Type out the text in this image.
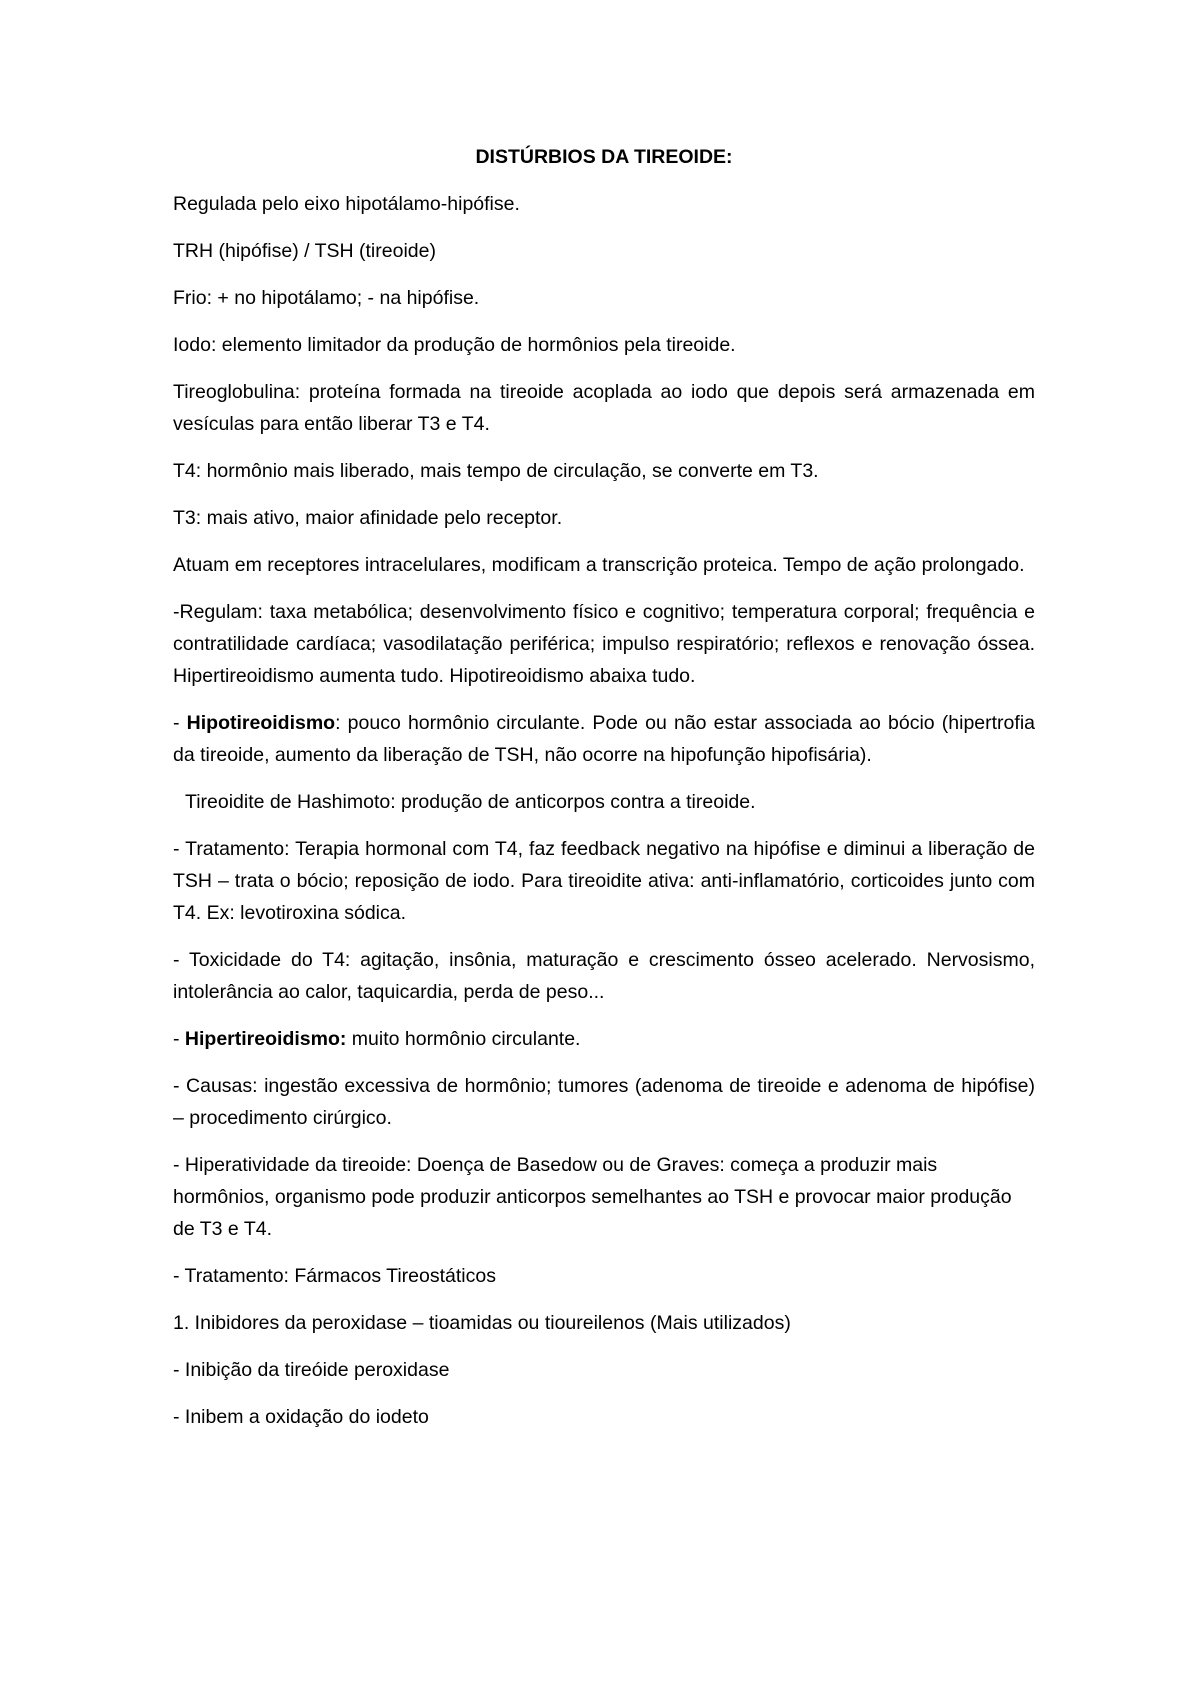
DISTÚRBIOS DA TIREOIDE:
Regulada pelo eixo hipotálamo-hipófise.
TRH (hipófise) / TSH (tireoide)
Frio: + no hipotálamo; - na hipófise.
Iodo: elemento limitador da produção de hormônios pela tireoide.
Tireoglobulina: proteína formada na tireoide acoplada ao iodo que depois será armazenada em vesículas para então liberar T3 e T4.
T4: hormônio mais liberado, mais tempo de circulação, se converte em T3.
T3: mais ativo, maior afinidade pelo receptor.
Atuam em receptores intracelulares, modificam a transcrição proteica. Tempo de ação prolongado.
-Regulam: taxa metabólica; desenvolvimento físico e cognitivo; temperatura corporal; frequência e contratilidade cardíaca; vasodilatação periférica; impulso respiratório; reflexos e renovação óssea. Hipertireoidismo aumenta tudo. Hipotireoidismo abaixa tudo.
- Hipotireoidismo: pouco hormônio circulante. Pode ou não estar associada ao bócio (hipertrofia da tireoide, aumento da liberação de TSH, não ocorre na hipofunção hipofisária).
Tireoidite de Hashimoto: produção de anticorpos contra a tireoide.
- Tratamento: Terapia hormonal com T4, faz feedback negativo na hipófise e diminui a liberação de TSH – trata o bócio; reposição de iodo. Para tireoidite ativa: anti-inflamatório, corticoides junto com T4. Ex: levotiroxina sódica.
- Toxicidade do T4: agitação, insônia, maturação e crescimento ósseo acelerado. Nervosismo, intolerância ao calor, taquicardia, perda de peso...
- Hipertireoidismo: muito hormônio circulante.
- Causas: ingestão excessiva de hormônio; tumores (adenoma de tireoide e adenoma de hipófise) – procedimento cirúrgico.
- Hiperatividade da tireoide: Doença de Basedow ou de Graves: começa a produzir mais hormônios, organismo pode produzir anticorpos semelhantes ao TSH e provocar maior produção de T3 e T4.
- Tratamento: Fármacos Tireostáticos
1. Inibidores da peroxidase – tioamidas ou tioureilenos (Mais utilizados)
- Inibição da tireóide peroxidase
- Inibem a oxidação do iodeto
